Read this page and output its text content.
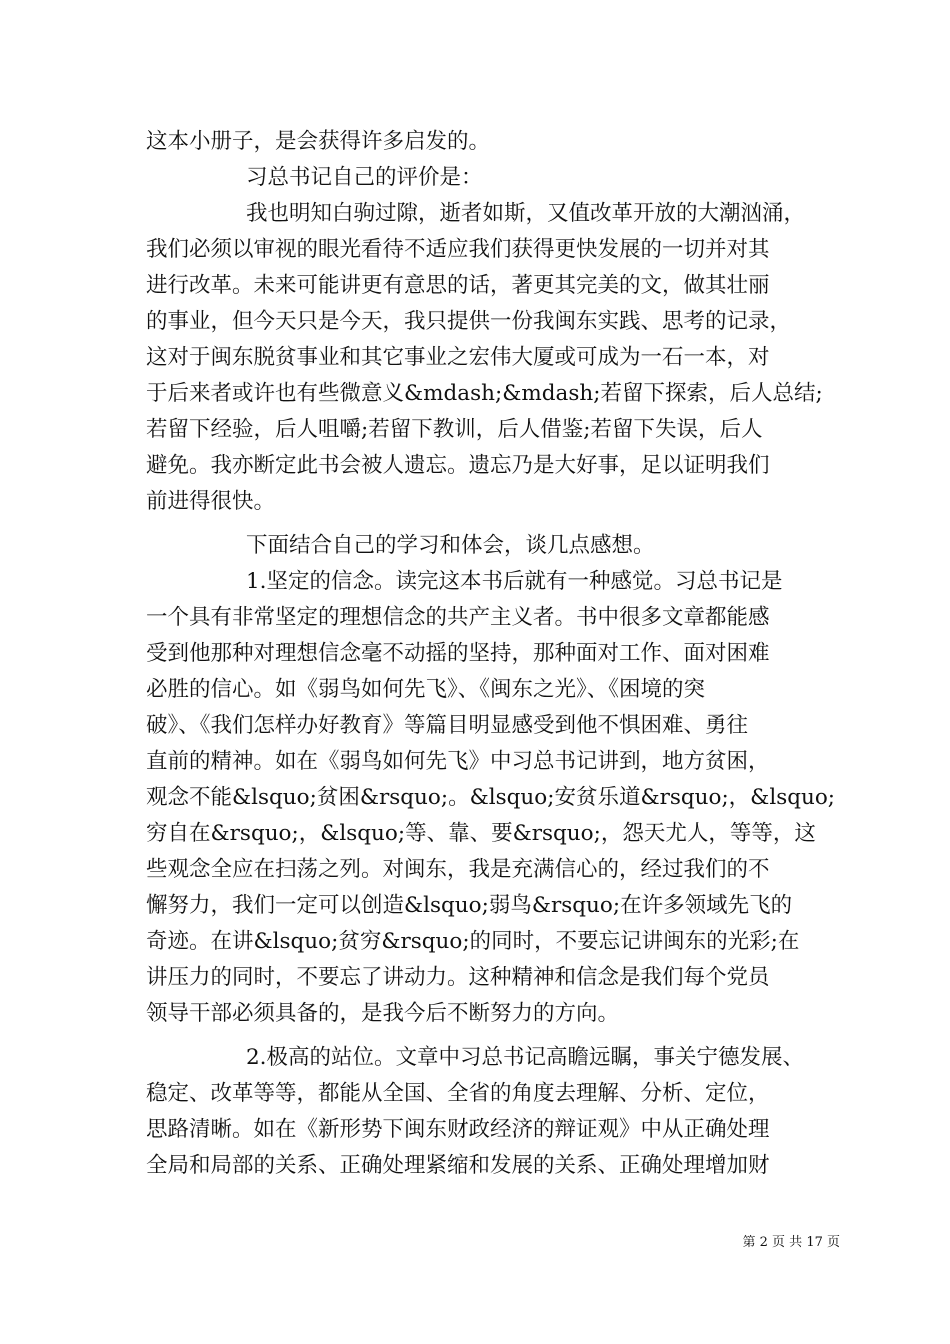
这本小册子，是会获得许多启发的。
习总书记自己的评价是：
我也明知白驹过隙，逝者如斯，又值改革开放的大潮汹涌，
我们必须以审视的眼光看待不适应我们获得更快发展的一切并对其
进行改革。未来可能讲更有意思的话，著更其完美的文，做其壮丽
的事业，但今天只是今天，我只提供一份我闽东实践、思考的记录，
这对于闽东脱贫事业和其它事业之宏伟大厦或可成为一石一本，对
于后来者或许也有些微意义&mdash;&mdash;若留下探索，后人总结;
若留下经验，后人咀嚼;若留下教训，后人借鉴;若留下失误，后人
避免。我亦断定此书会被人遗忘。遗忘乃是大好事，足以证明我们
前进得很快。
下面结合自己的学习和体会，谈几点感想。
1.坚定的信念。读完这本书后就有一种感觉。习总书记是
一个具有非常坚定的理想信念的共产主义者。书中很多文章都能感
受到他那种对理想信念毫不动摇的坚持，那种面对工作、面对困难
必胜的信心。如《弱鸟如何先飞》、《闽东之光》、《困境的突
破》、《我们怎样办好教育》等篇目明显感受到他不惧困难、勇往
直前的精神。如在《弱鸟如何先飞》中习总书记讲到，地方贫困，
观念不能&lsquo;贫困&rsquo;。&lsquo;安贫乐道&rsquo;，&lsquo;
穷自在&rsquo;，&lsquo;等、靠、要&rsquo;，怨天尤人，等等，这
些观念全应在扫荡之列。对闽东，我是充满信心的，经过我们的不
懈努力，我们一定可以创造&lsquo;弱鸟&rsquo;在许多领域先飞的
奇迹。在讲&lsquo;贫穷&rsquo;的同时，不要忘记讲闽东的光彩;在
讲压力的同时，不要忘了讲动力。这种精神和信念是我们每个党员
领导干部必须具备的，是我今后不断努力的方向。
2.极高的站位。文章中习总书记高瞻远瞩，事关宁德发展、
稳定、改革等等，都能从全国、全省的角度去理解、分析、定位，
思路清晰。如在《新形势下闽东财政经济的辩证观》中从正确处理
全局和局部的关系、正确处理紧缩和发展的关系、正确处理增加财
第 2 页 共 17 页
